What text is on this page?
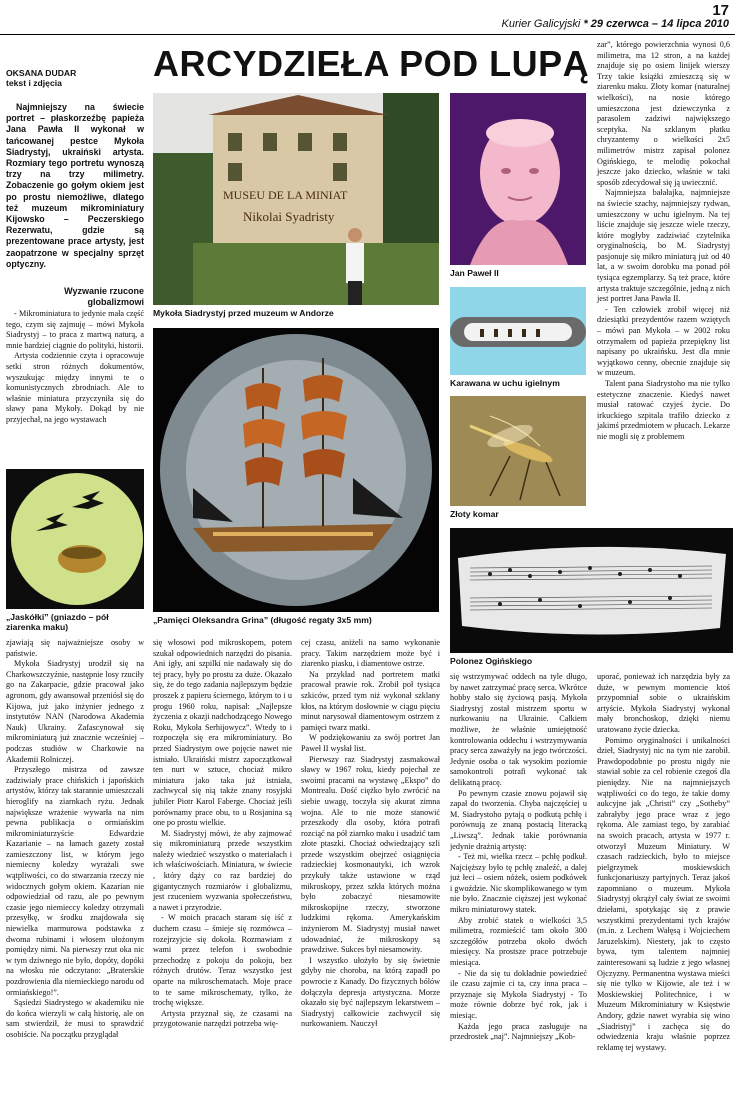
17
Kurier Galicyjski * 29 czerwca – 14 lipca 2010
ARCYDZIEŁA POD LUPĄ
OKSANA DUDAR
tekst i zdjęcia
Najmniejszy na świecie portret – płaskorzeźbę papieża Jana Pawła II wykonał w tańcowanej pestce Mykoła Siadrystyj, ukraiński artysta. Rozmiary tego portretu wynoszą trzy na trzy milimetry. Zobaczenie go gołym okiem jest po prostu niemożliwe, dlatego też muzeum mikrominiatury Kijowsko – Peczerskiego Rezerwatu, gdzie są prezentowane prace artysty, jest zaopatrzone w specjalny sprzęt optyczny.
Wyzwanie rzucone globalizmowi

- Mikrominiatura to jedynie mała część tego, czym się zajmuję – mówi Mykoła Siadrystyj – to praca z martwą naturą, a mnie bardziej ciągnie do polityki, historii.

Artysta codziennie czyta i opracowuje setki stron różnych dokumentów, wyszukując między innymi te o komunistycznych zbrodniach. Ale to właśnie miniatura przyczyniła się do sławy pana Mykoły. Dokąd by nie przyjechał, na jego wystawach

„Jaskółki” (gniazdo – pół ziarenka maku)
MUSEU DE LA MINIAT
Nikolai Syadristy
Mykoła Siadrystyj przed muzeum w Andorze
„Pamięci Oleksandra Grina” (długość regaty 3x5 mm)
Jan Paweł II
Karawana w uchu igielnym
Złoty komar
Polonez Ogińskiego

zar”, którego powierzchnia wynosi 0,6 milimetra, ma 12 stron, a na każdej znajduje się po osiem linijek wierszy Trzy takie książki zmieszczą się w ziarenku maku. Złoty komar (naturalnej wielkości), na nosie którego umieszczona jest dziewczynka z parasolem zadziwi największego sceptyka. Na szklanym płatku chryzantemy o wielkości 2x5 milimetrów mistrz zapisał polonez Ogińskiego, te melodię pokochał jeszcze jako dziecko, właśnie w taki sposób zdecydował się ją uwiecznić.

Najmniejsza bałałajka, najmniejsze na świecie szachy, najmniejszy rydwan, umieszczony w uchu igielnym. Na tej liście znajduje się jeszcze wiele rzeczy, które mogłyby zadziwiać czytelnika oryginalnością, bo M. Siadrystyj pasjonuje się mikro miniaturą już od 40 lat, a w swoim dorobku ma ponad pół tysiąca egzemplarzy. Są też prace, które artysta traktuje szczególnie, jedną z nich jest portret Jana Pawła II.

- Ten człowiek zrobił więcej niż dziesiątki prezydentów razem wziętych – mówi pan Mykoła – w 2002 roku otrzymałem od papieża przepiękny list napisany po ukraińsku. Jest dla mnie wyjątkowo cenny, obecnie znajduje się w muzeum.

Talent pana Siadrystoho ma nie tylko estetyczne znaczenie. Kiedyś nawet musiał ratować czyjeś życie. Do irkuckiego szpitala trafiło dziecko z jakimś przedmiotem w płucach. Lekarze nie mogli się z problemem

zjawiają się najważniejsze osoby w państwie.

Mykoła Siadrystyj urodził się na Charkowszczyźnie, następnie losy rzuciły go na Zakarpacie, gdzie pracował jako agronom, gdy awansował przeniósł się do Kijowa, już jako inżynier jednego z instytutów NAN (Narodowa Akademia Nauk) Ukrainy. Zafascynował się mikrominiaturą już znacznie wcześniej – podczas studiów w Charkowie na Akademii Rolniczej.

Przyszłego mistrza od zawsze zadziwiały prace chińskich i japońskich artystów, którzy tak starannie umieszczali hieroglify na ziarnkach ryżu. Jednak największe wrażenie wywarła na nim pewna publikacja o ormiańskim mikrominiaturzyście Edwardzie Kazarianie – na łamach gazety został zamieszczony list, w którym jego niemiecny koledzy wyrażali swe wątpliwości, co do stwarzania rzeczy nie widocznych gołym okiem. Kazarian nie odpowiedział od razu, ale po pewnym czasie jego niemieccy koledzy otrzymali przesyłkę, w środku znajdowała się niewielka marmurowa podstawka z dwoma rubinami i włosem ułożonym pomiędzy nimi. Na pierwszy rzut oka nic w tym dziwnego nie było, dopóty, dopóki na włosku nie odczytano: „Braterskie pozdrowienia dla niemieckiego narodu od ormiańskiego!”.

Sąsiedzi Siadrystego w akademiku nie do końca wierzyli w całą historię, ale on sam stwierdził, że musi to sprawdzić osobiście. Na początku przyglądał

się włosowi pod mikroskopem, potem szukał odpowiednich narzędzi do pisania. Ani igły, ani szpilki nie nadawały się do tej pracy, były po prostu za duże. Okazało się, że do tego zadania najlepszym będzie proszek z papieru ściernego, którym to i u progu 1960 roku, napisał: „Najlepsze życzenia z okazji nadchodzącego Nowego Roku, Mykoła Serhijowycz”. Wtedy to i rozpoczęła się era mikrominiatury. Bo przed Siadrystym owe pojęcie nawet nie istniało. Ukraiński mistrz zapoczątkował ten nurt w sztuce, chociaż mikro miniatura jako taka już istniała, zachwycał się nią także znany rosyjski jubiler Piotr Karol Faberge. Chociaż jeśli porównamy prace obu, to u Rosjanina są one po prostu wielkie.

M. Siadrystyj mówi, że aby zajmować się mikrominiaturą przede wszystkim należy wiedzieć wszystko o materiałach i ich właściwościach. Miniatura, w świecie , który dąży co raz bardziej do gigantycznych rozmiarów i globalizmu, jest rzuceniem wyzwania społeczeństwu, a nawet i przyrodzie.

- W moich pracach staram się iść z duchem czasu – śmieje się rozmówca – rozejrzyjcie się dokoła. Rozmawiam z wami przez telefon i swobodnie przechodzę z pokoju do pokoju, bez różnych drutów. Teraz wszystko jest oparte na mikroschematach. Moje prace to te same mikroschematy, tylko, że trochę większe.

Artysta przyznał się, że czasami na przygotowanie narzędzi potrzeba wię-

cej czasu, aniżeli na samo wykonanie pracy. Takim narzędziem może być i ziarenko piasku, i diamentowe ostrze.

Na przykład nad portretem matki pracował prawie rok. Zrobił poł tysiąca szkiców, przed tym niż wykonał szklany kłos, na którym dosłownie w ciągu pięciu minut narysował diamentowym ostrzem z pamięci twarz matki.

W podziękowaniu za swój portret Jan Paweł II wysłał list.

Pierwszy raz Siadrystyj zasmakował sławy w 1967 roku, kiedy pojechał ze swoimi pracami na wystawę „Ekspo” do Montrealu. Dość ciężko było zwrócić na siebie uwagę, toczyła się akurat zimna wojna. Ale to nie może stanowić przeszkody dla osoby, która potrafi rozciąć na pół ziarnko maku i usadzić tam złote ptaszki. Chociaż odwiedzający szli przede wszystkim obejrzeć osiągnięcia radzieckiej kosmonautyki, ich wzrok przykuły także ustawione w rząd mikroskopy, przez szkła których można było zobaczyć niesamowite mikroskopijne rzeczy, stworzone ludzkimi rękoma. Amerykańskim inżynierom M. Siadrystyj musiał nawet udowadniać, że mikroskopy są prawdziwe. Sukces był niesamowity.

I wszystko ułożyło by się świetnie gdyby nie choroba, na którą zapadł po powrocie z Kanady. Do fizycznych bólów dołączyła depresja artystyczna. Morze okazało się być najlepszym lekarstwem – Siadrystyj całkowicie zachwycił się nurkowaniem. Nauczył

się wstrzymywać oddech na tyle długo, by nawet zatrzymać pracę serca. Wkrótce hobby stało się życiową pasją. Mykoła Siadrystyj został mistrzem sportu w nurkowaniu na Ukrainie. Całkiem możliwe, że właśnie umiejętność kontrolowania oddechu i wstrzymywania pracy serca zaważyły na jego twórczości. Jedynie osoba o tak wysokim poziomie samokontroli potrafi wykonać tak delikatną pracę.

Po pewnym czasie znowu pojawił się zapał do tworzenia. Chyba najczęściej u M. Siadrystoho pytają o podkutą pchłę i porównują ze znaną postacią literacką „Liwszą”. Jednak takie porównania jedynie drażnią artystę:

- Też mi, wielka rzecz – pchłę podkuł. Najcięższy było tę pchłę znaleźć, a dalej już łeci – osiem nóżek, osiem podkówek i gwoździe. Nic skomplikowanego w tym nie było. Znacznie cięższej jest wykonać mikro miniaturowy statek.

Aby zrobić statek o wielkości 3,5 milimetra, rozmieścić tam około 300 szczegółów potrzeba około dwóch miesięcy. Na prostsze prace potrzebuje miesiąca.

- Nie da się tu dokładnie powiedzieć ile czasu zajmie ci ta, czy inna praca – przyznaje się Mykoła Siadrystyj - To może równie dobrze być rok, jak i miesiąc.

Każda jego praca zasługuje na przedrostek „naj”. Najmniejszy „Kob-

uporać, ponieważ ich narzędzia były za duże, w pewnym momencie ktoś przypomniał sobie o ukraińskim artyście. Mykoła Siadrystyj wykonał mały bronchoskop, dzięki niemu uratowano życie dziecka.

Pomimo oryginalności i unikalności dzieł, Siadrystyj nic na tym nie zarobił. Prawdopodobnie po prostu nigdy nie stawiał sobie za cel robienie czegoś dla pieniędzy. Nie na najmniejszych wątpliwości co do tego, że takie domy aukcyjne jak „Christi” czy „Sotheby” zabrałyby jego prace wraz z jego rękoma. Ale zamiast tego, by zarabiać na swoich pracach, artysta w 1977 r. otworzył Muzeum Miniatury. W czasach radzieckich, było to miejsce pielgrzymek moskiewskich funkcjonariuszy partyjnych. Teraz jakoś zapomniano o muzeum. Mykoła Siadrystyj okrążył cały świat ze swoimi dziełami, spotykając się z prawie wszystkimi prezydentami tych krajów (m.in. z Lechem Wałęsą i Wojciechem Jaruzelskim). Niestety, jak to często bywa, tym talentem najmniej zainteresowani są ludzie z jego własnej Ojczyzny. Permanentna wystawa mieści się nie tylko w Kijowie, ale też i w Moskiewskiej Politechnice, i w Muzeum Mikrominiatury w Księstwie Andory, gdzie nawet wyrabia się wino „Siadristyj” i zachęca się do odwiedzenia kraju właśnie poprzez reklamę tej wystawy.
